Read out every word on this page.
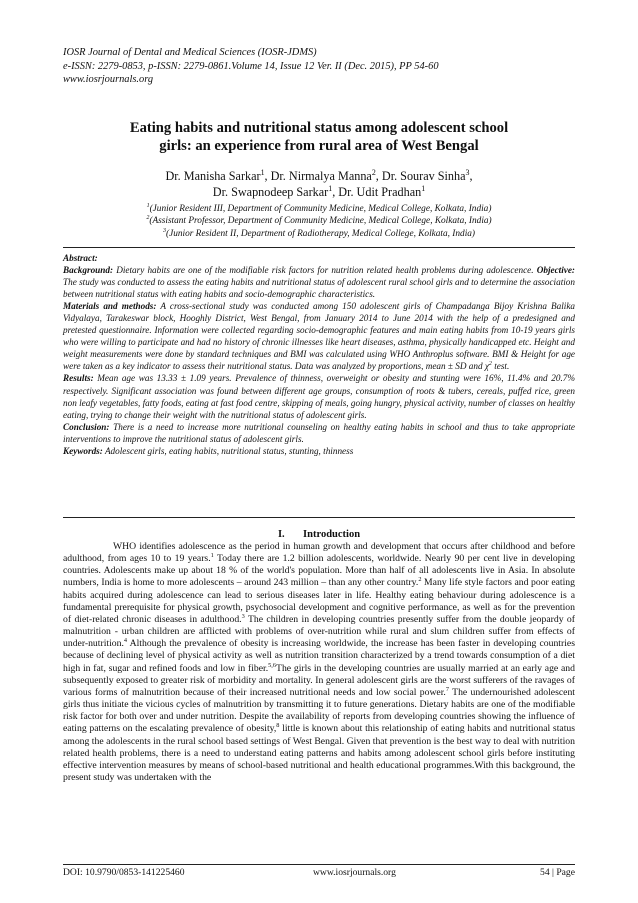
IOSR Journal of Dental and Medical Sciences (IOSR-JDMS)
e-ISSN: 2279-0853, p-ISSN: 2279-0861.Volume 14, Issue 12 Ver. II (Dec. 2015), PP 54-60
www.iosrjournals.org
Eating habits and nutritional status among adolescent school
girls: an experience from rural area of West Bengal
Dr. Manisha Sarkar$^1$, Dr. Nirmalya Manna$^2$, Dr. Sourav Sinha$^3$,
Dr. Swapnodeep Sarkar$^1$, Dr. Udit Pradhan$^1$
$^1$(Junior Resident III, Department of Community Medicine, Medical College, Kolkata, India)
$^2$(Assistant Professor, Department of Community Medicine, Medical College, Kolkata, India)
$^3$(Junior Resident II, Department of Radiotherapy, Medical College, Kolkata, India)

Abstract:

Background: Dietary habits are one of the modifiable risk factors for nutrition related health problems during adolescence. Objective: The study was conducted to assess the eating habits and nutritional status of adolescent rural school girls and to determine the association between nutritional status with eating habits and socio-demographic characteristics.

Materials and methods: A cross-sectional study was conducted among 150 adolescent girls of Champadanga Bijoy Krishna Balika Vidyalaya, Tarakeswar block, Hooghly District, West Bengal, from January 2014 to June 2014 with the help of a predesigned and pretested questionnaire. Information were collected regarding socio-demographic features and main eating habits from 10-19 years girls who were willing to participate and had no history of chronic illnesses like heart diseases, asthma, physically handicapped etc. Height and weight measurements were done by standard techniques and BMI was calculated using WHO Anthroplus software. BMI & Height for age were taken as a key indicator to assess their nutritional status. Data was analyzed by proportions, mean ± SD and $\chi^2$ test.

Results: Mean age was 13.33 ± 1.09 years. Prevalence of thinness, overweight or obesity and stunting were 16%, 11.4% and 20.7% respectively. Significant association was found between different age groups, consumption of roots & tubers, cereals, puffed rice, green non leafy vegetables, fatty foods, eating at fast food centre, skipping of meals, going hungry, physical activity, number of classes on healthy eating, trying to change their weight with the nutritional status of adolescent girls.

Conclusion: There is a need to increase more nutritional counseling on healthy eating habits in school and thus to take appropriate interventions to improve the nutritional status of adolescent girls.

Keywords: Adolescent girls, eating habits, nutritional status, stunting, thinness

I. Introduction

WHO identifies adolescence as the period in human growth and development that occurs after childhood and before adulthood, from ages 10 to 19 years.$^1$ Today there are 1.2 billion adolescents, worldwide. Nearly 90 per cent live in developing countries. Adolescents make up about 18 % of the world's population. More than half of all adolescents live in Asia. In absolute numbers, India is home to more adolescents – around 243 million – than any other country.$^2$ Many life style factors and poor eating habits acquired during adolescence can lead to serious diseases later in life. Healthy eating behaviour during adolescence is a fundamental prerequisite for physical growth, psychosocial development and cognitive performance, as well as for the prevention of diet-related chronic diseases in adulthood.$^3$ The children in developing countries presently suffer from the double jeopardy of malnutrition - urban children are afflicted with problems of over-nutrition while rural and slum children suffer from effects of under-nutrition.$^4$ Although the prevalence of obesity is increasing worldwide, the increase has been faster in developing countries because of declining level of physical activity as well as nutrition transition characterized by a trend towards consumption of a diet high in fat, sugar and refined foods and low in fiber.$^{5,6}$The girls in the developing countries are usually married at an early age and subsequently exposed to greater risk of morbidity and mortality. In general adolescent girls are the worst sufferers of the ravages of various forms of malnutrition because of their increased nutritional needs and low social power.$^7$ The undernourished adolescent girls thus initiate the vicious cycles of malnutrition by transmitting it to future generations. Dietary habits are one of the modifiable risk factor for both over and under nutrition. Despite the availability of reports from developing countries showing the influence of eating patterns on the escalating prevalence of obesity,$^8$ little is known about this relationship of eating habits and nutritional status among the adolescents in the rural school based settings of West Bengal. Given that prevention is the best way to deal with nutrition related health problems, there is a need to understand eating patterns and habits among adolescent school girls before instituting effective intervention measures by means of school-based nutritional and health educational programmes.With this background, the present study was undertaken with the

DOI: 10.9790/0853-141225460	www.iosrjournals.org	54 | Page
